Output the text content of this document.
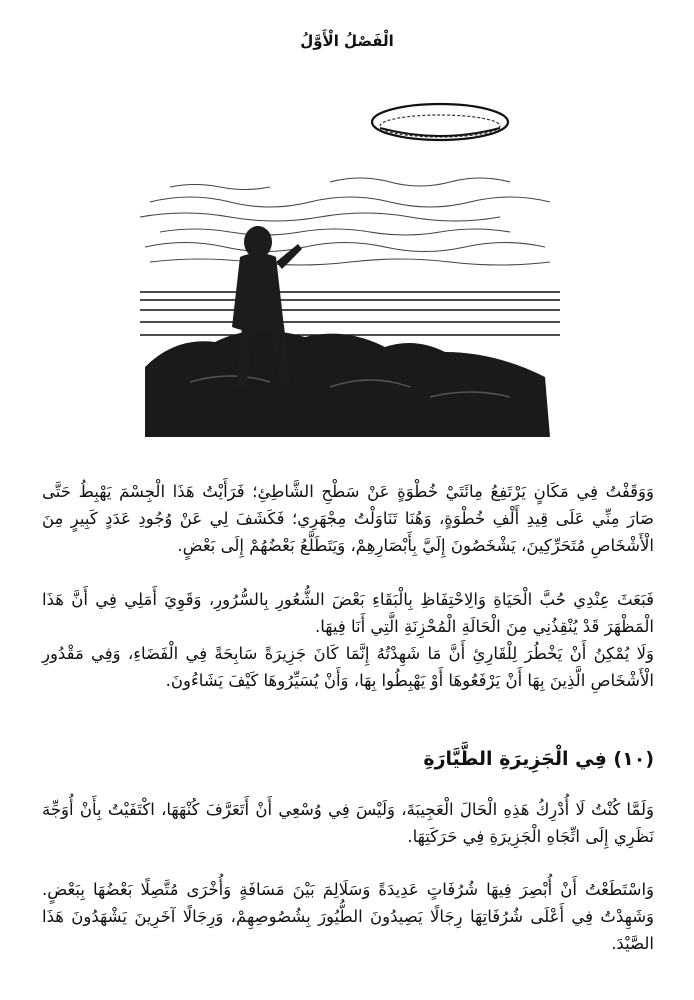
الْفَصْلُ الْأَوَّلُ

وَوَقَفْتُ فِي مَكَانٍ يَرْتَفِعُ مِائَتَيْ خُطْوَةٍ عَنْ سَطْحِ الشَّاطِئِ؛ فَرَأَيْتُ هَذَا الْجِسْمَ يَهْبِطُ حَتَّى صَارَ مِنِّي عَلَى قِيدِ أَلْفِ خُطْوَةٍ، وَهُنَا تَنَاوَلْتُ مِجْهَرِي؛ فَكَشَفَ لِي عَنْ وُجُودِ عَدَدٍ كَبِيرٍ مِنَ الْأَشْخَاصِ مُتَحَرِّكِينَ، يَشْخَصُونَ إِلَيَّ بِأَبْصَارِهِمْ، وَيَتَطَلَّعُ بَعْضُهُمْ إِلَى بَعْضٍ.

فَبَعَثَ عِنْدِي حُبَّ الْحَيَاةِ وَالِاحْتِفَاظِ بِالْبَقَاءِ بَعْضَ الشُّعُورِ بِالسُّرُورِ، وَقَوِيَ أَمَلِي فِي أَنَّ هَذَا الْمَظْهَرَ قَدْ يُنْقِذُنِي مِنَ الْحَالَةِ الْمُحْزِنَةِ الَّتِي أَنَا فِيهَا.

وَلَا يُمْكِنُ أَنْ يَخْطُرَ لِلْقَارِئِ أَنَّ مَا شَهِدْتُهُ إِنَّمَا كَانَ جَزِيرَةً سَابِحَةً فِي الْفَضَاءِ، وَفِي مَقْدُورِ الْأَشْخَاصِ الَّذِينَ بِهَا أَنْ يَرْفَعُوهَا أَوْ يَهْبِطُوا بِهَا، وَأَنْ يُسَيِّرُوهَا كَيْفَ يَشَاءُونَ.

(١٠) فِي الْجَزِيرَةِ الطَّيَّارَةِ

وَلَمَّا كُنْتُ لَا أُدْرِكُ هَذِهِ الْحَالَ الْعَجِيبَةَ، وَلَيْسَ فِي وُسْعِي أَنْ أَتَعَرَّفَ كُنْهَهَا، اكْتَفَيْتُ بِأَنْ أُوَجِّهَ نَظَرِي إِلَى اتِّجَاهِ الْجَزِيرَةِ فِي حَرَكَتِهَا.

وَاسْتَطَعْتُ أَنْ أُبْصِرَ فِيهَا شُرُفَاتٍ عَدِيدَةً وَسَلَالِمَ بَيْنَ مَسَافَةٍ وَأُخْرَى مُتَّصِلًا بَعْضُهَا بِبَعْضٍ. وَشَهِدْتُ فِي أَعْلَى شُرُفَاتِهَا رِجَالًا يَصِيدُونَ الطُّيُورَ بِشُصُوصِهِمْ، وَرِجَالًا آخَرِينَ يَشْهَدُونَ هَذَا الصَّيْدَ.
